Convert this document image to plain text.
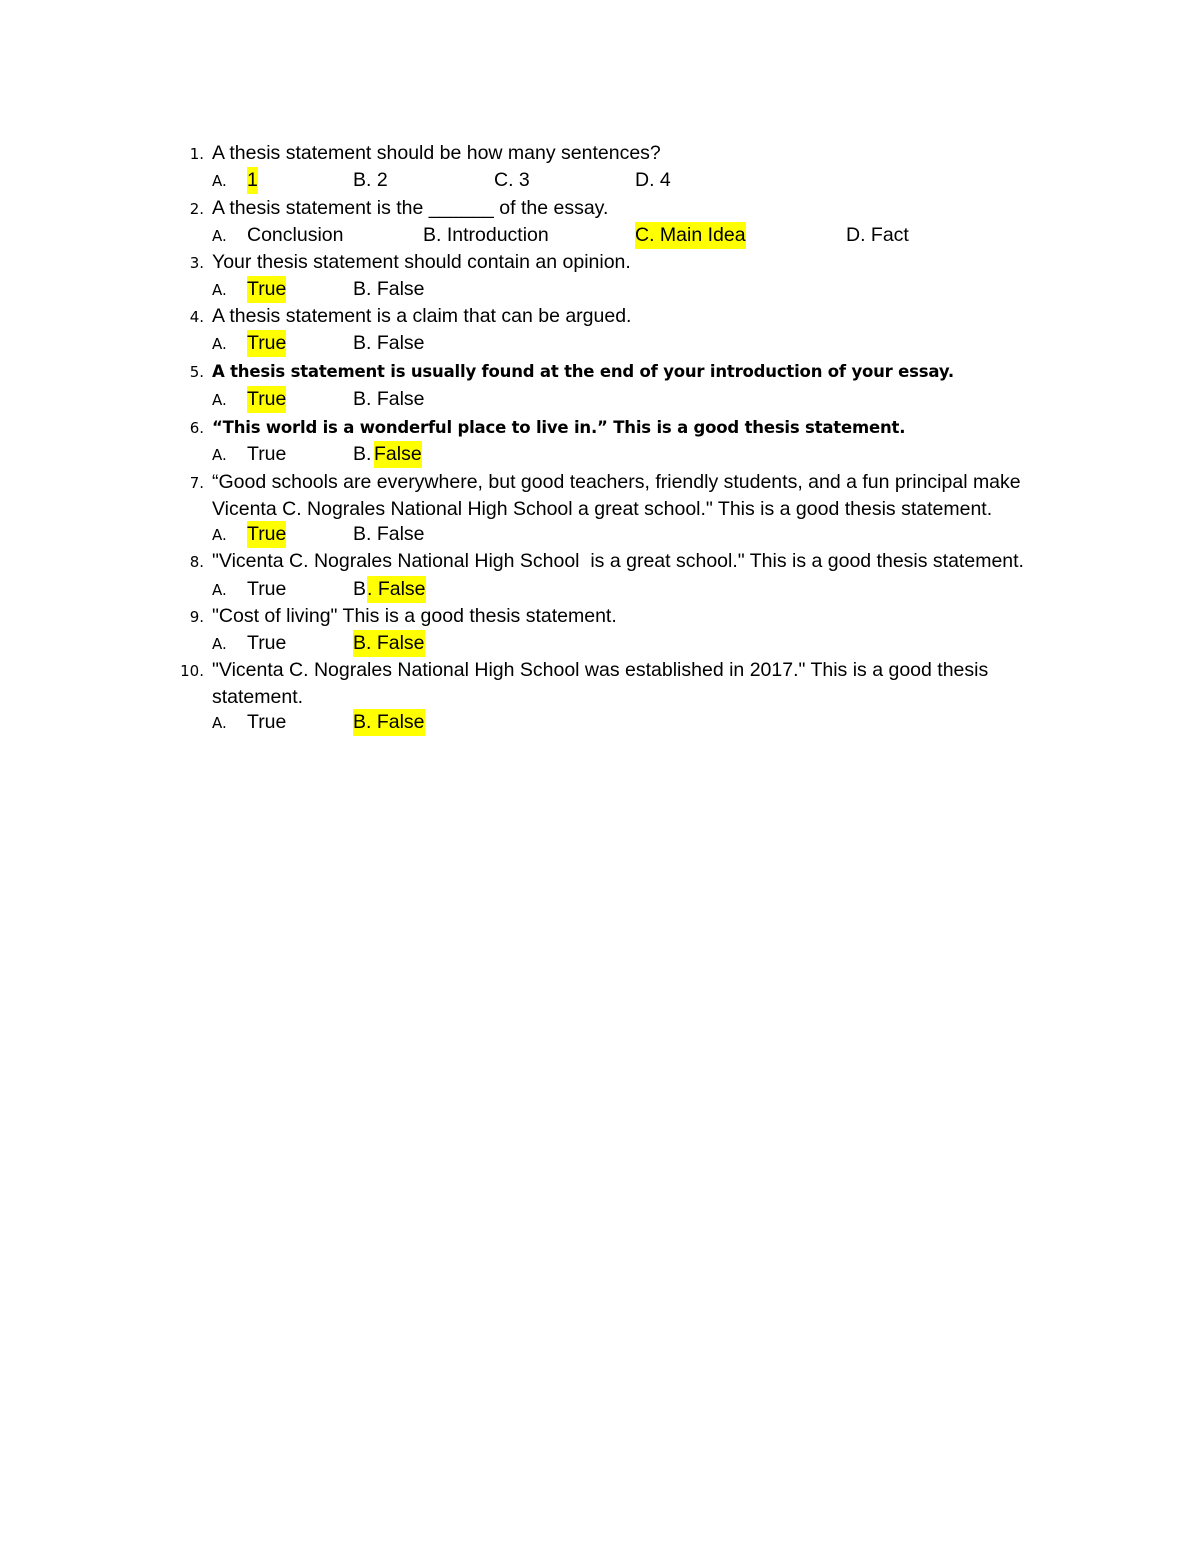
1. A thesis statement should be how many sentences?
A. 1	B. 2	C. 3	D. 4
2. A thesis statement is the ______ of the essay.
A. Conclusion	B. Introduction	C. Main Idea	D. Fact
3. Your thesis statement should contain an opinion.
A. True	B. False
4. A thesis statement is a claim that can be argued.
A. True	B. False
5. A thesis statement is usually found at the end of your introduction of your essay.
A. True	B. False
6. “This world is a wonderful place to live in.” This is a good thesis statement.
A. True	B. False
7. “Good schools are everywhere, but good teachers, friendly students, and a fun principal make
Vicenta C. Nograles National High School a great school." This is a good thesis statement.
A. True	B. False
8. "Vicenta C. Nograles National High School  is a great school." This is a good thesis statement.
A. True	B . False
9. "Cost of living" This is a good thesis statement.
A. True	B. False
10. "Vicenta C. Nograles National High School was established in 2017." This is a good thesis
statement.
A. True	B. False
